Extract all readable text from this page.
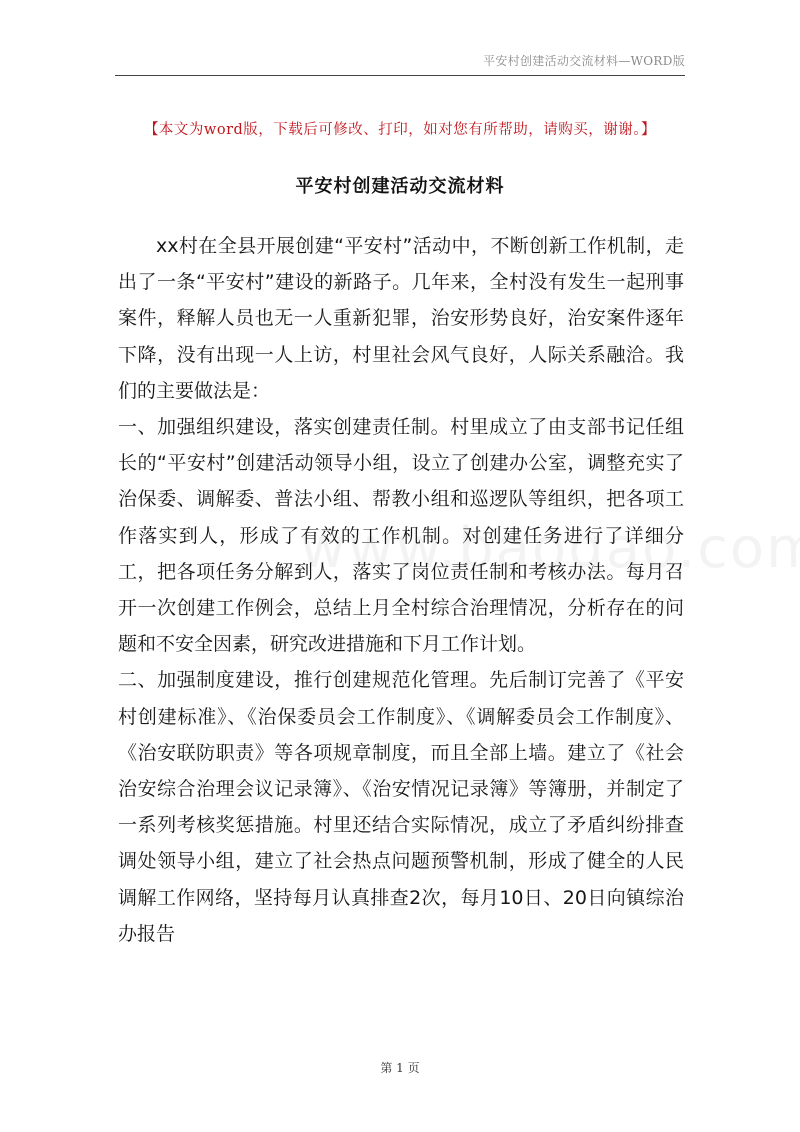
平安村创建活动交流材料—WORD版
【本文为word版，下载后可修改、打印，如对您有所帮助，请购买，谢谢。】
平安村创建活动交流材料

xx村在全县开展创建“平安村”活动中，不断创新工作机制，走出了一条“平安村”建设的新路子。几年来，全村没有发生一起刑事案件，释解人员也无一人重新犯罪，治安形势良好，治安案件逐年下降，没有出现一人上访，村里社会风气良好，人际关系融洽。我们的主要做法是：

一、加强组织建设，落实创建责任制。村里成立了由支部书记任组长的“平安村”创建活动领导小组，设立了创建办公室，调整充实了治保委、调解委、普法小组、帮教小组和巡逻队等组织，把各项工作落实到人，形成了有效的工作机制。对创建任务进行了详细分工，把各项任务分解到人，落实了岗位责任制和考核办法。每月召开一次创建工作例会，总结上月全村综合治理情况，分析存在的问题和不安全因素，研究改进措施和下月工作计划。

二、加强制度建设，推行创建规范化管理。先后制订完善了《平安村创建标准》、《治保委员会工作制度》、《调解委员会工作制度》、《治安联防职责》等各项规章制度，而且全部上墙。建立了《社会治安综合治理会议记录簿》、《治安情况记录簿》等簿册，并制定了一系列考核奖惩措施。村里还结合实际情况，成立了矛盾纠纷排查调处领导小组，建立了社会热点问题预警机制，形成了健全的人民调解工作网络，坚持每月认真排查2次，每月10日、20日向镇综治办报告

第 1 页
